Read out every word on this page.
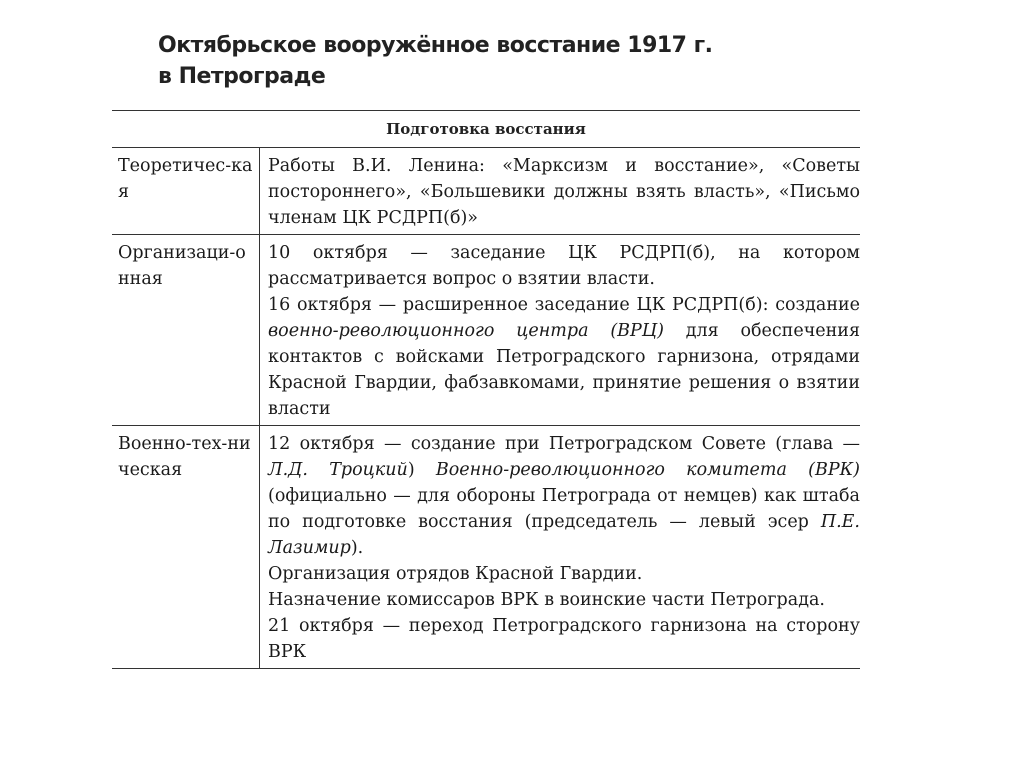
Октябрьское вооружённое восстание 1917 г.
в Петрограде
Подготовка восстания
Теоретичес-кая

Работы В.И. Ленина: «Марксизм и восстание», «Советы постороннего», «Большевики должны взять власть», «Письмо членам ЦК РСДРП(б)»

Организаци-онная

10 октября — заседание ЦК РСДРП(б), на котором рассматривается вопрос о взятии власти.

16 октября — расширенное заседание ЦК РСДРП(б): создание военно-революционного центра (ВРЦ) для обеспечения контактов с войсками Петроградского гарнизона, отрядами Красной Гвардии, фабзавкомами, принятие решения о взятии власти

Военно-тех-ническая

12 октября — создание при Петроградском Совете (глава — Л.Д. Троцкий) Военно-революционного комитета (ВРК) (официально — для обороны Петрограда от немцев) как штаба по подготовке восстания (председатель — левый эсер П.Е. Лазимир).

Организация отрядов Красной Гвардии.

Назначение комиссаров ВРК в воинские части Петрограда.

21 октября — переход Петроградского гарнизона на сторону ВРК
